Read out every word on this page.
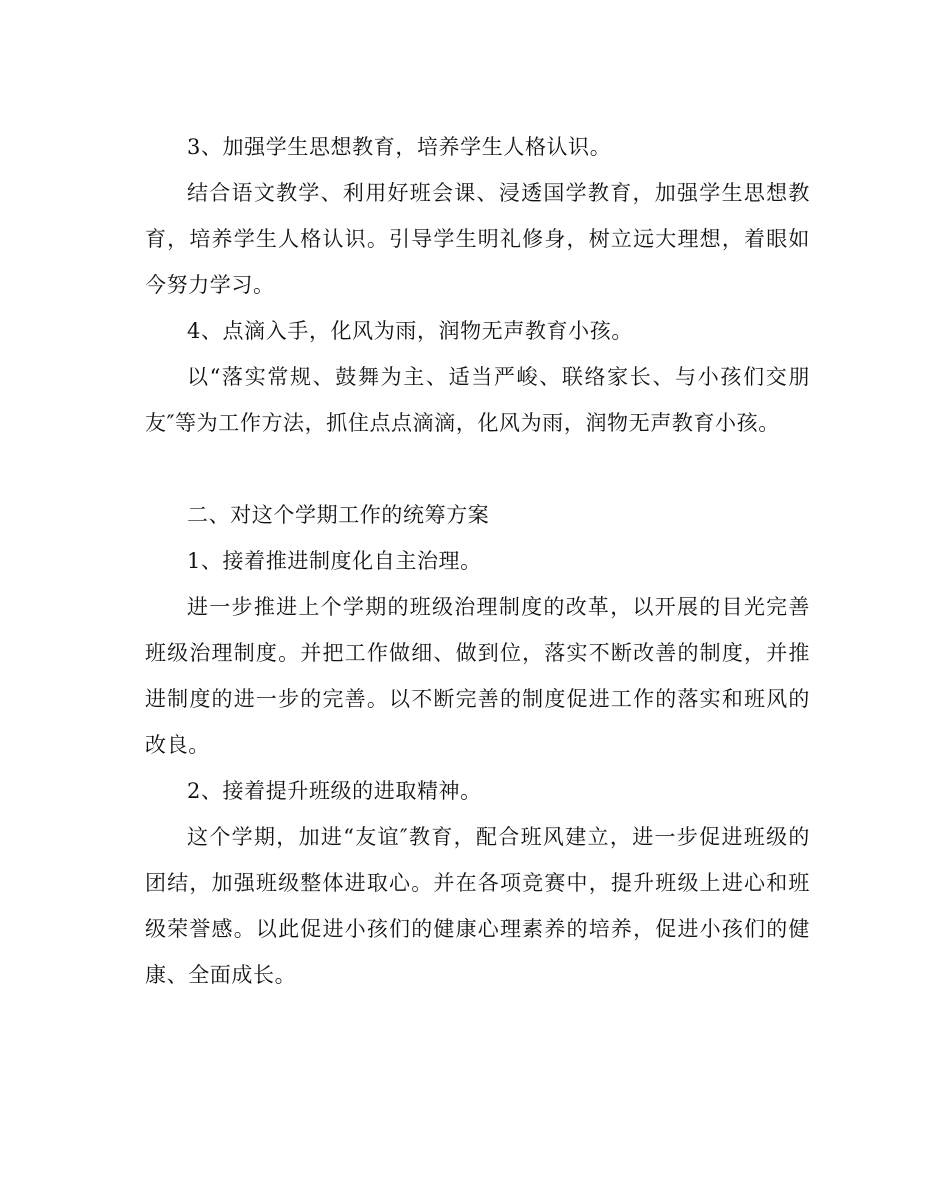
3、加强学生思想教育，培养学生人格认识。

结合语文教学、利用好班会课、浸透国学教育，加强学生思想教育，培养学生人格认识。引导学生明礼修身，树立远大理想，着眼如今努力学习。

4、点滴入手，化风为雨，润物无声教育小孩。

以“落实常规、鼓舞为主、适当严峻、联络家长、与小孩们交朋友″等为工作方法，抓住点点滴滴，化风为雨，润物无声教育小孩。

二、对这个学期工作的统筹方案

1、接着推进制度化自主治理。

进一步推进上个学期的班级治理制度的改革，以开展的目光完善班级治理制度。并把工作做细、做到位，落实不断改善的制度，并推进制度的进一步的完善。以不断完善的制度促进工作的落实和班风的改良。

2、接着提升班级的进取精神。

这个学期，加进“友谊″教育，配合班风建立，进一步促进班级的团结，加强班级整体进取心。并在各项竞赛中，提升班级上进心和班级荣誉感。以此促进小孩们的健康心理素养的培养，促进小孩们的健康、全面成长。
